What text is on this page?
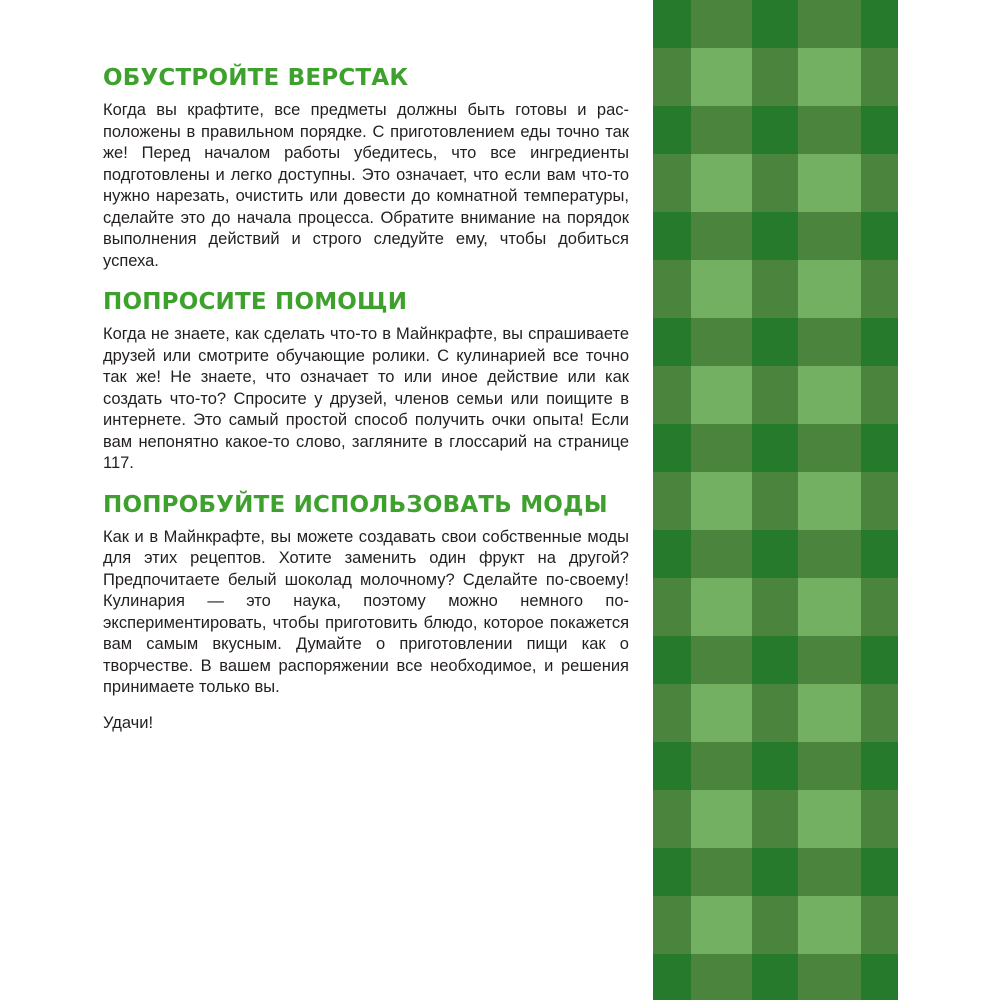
ОБУСТРОЙТЕ ВЕРСТАК

Когда вы крафтите, все предметы должны быть готовы и расположены в правильном порядке. С приготовлением еды точно так же! Перед началом работы убедитесь, что все ингредиенты подготовлены и легко доступны. Это означает, что если вам что-то нужно нарезать, очистить или довести до комнатной температуры, сделайте это до начала процесса. Обратите внимание на порядок выполнения действий и строго следуйте ему, чтобы добиться успеха.

ПОПРОСИТЕ ПОМОЩИ

Когда не знаете, как сделать что-то в Майнкрафте, вы спрашиваете друзей или смотрите обучающие ролики. С кулинарией все точно так же! Не знаете, что означает то или иное действие или как создать что-то? Спросите у друзей, членов семьи или поищите в интернете. Это самый простой способ получить очки опыта! Если вам непонятно какое-то слово, загляните в глоссарий на странице 117.

ПОПРОБУЙТЕ ИСПОЛЬЗОВАТЬ МОДЫ

Как и в Майнкрафте, вы можете создавать свои собственные моды для этих рецептов. Хотите заменить один фрукт на другой? Предпочитаете белый шоколад молочному? Сделайте по-своему! Кулинария — это наука, поэтому можно немного поэкспериментировать, чтобы приготовить блюдо, которое покажется вам самым вкусным. Думайте о приготовлении пищи как о творчестве. В вашем распоряжении все необходимое, и решения принимаете только вы.

Удачи!
